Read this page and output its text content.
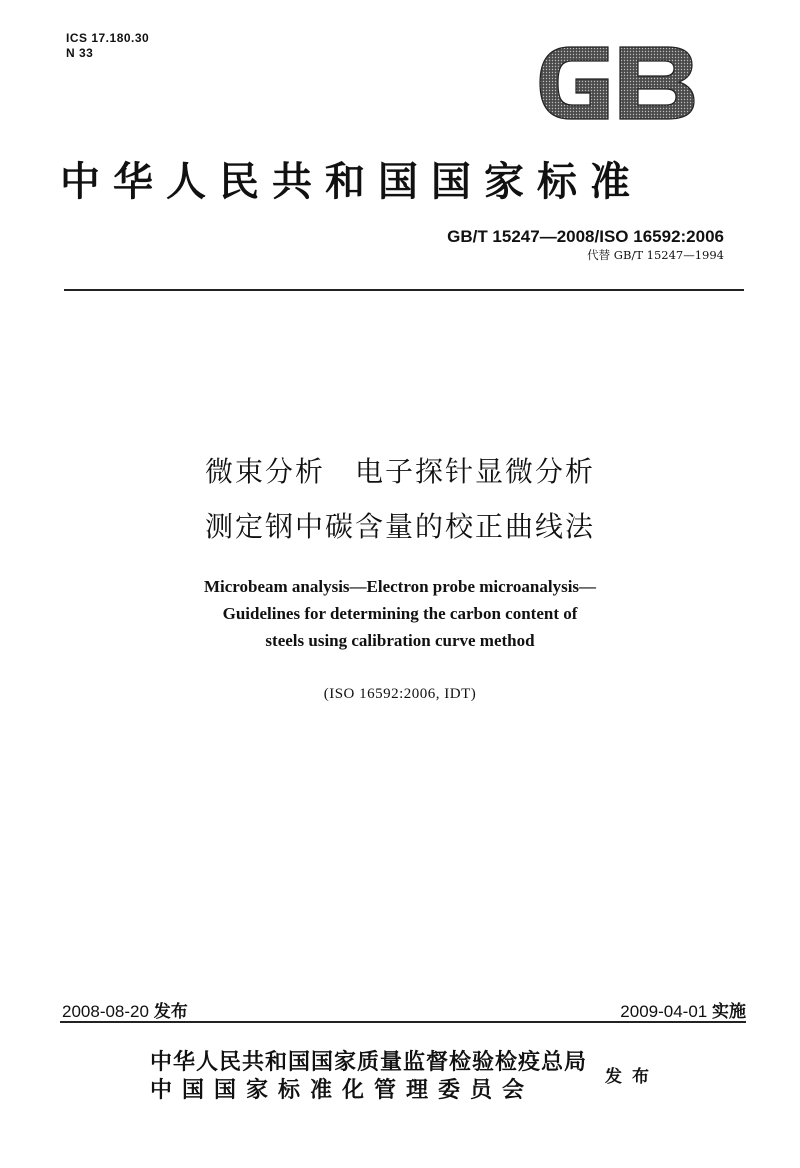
ICS 17.180.30
N 33
中华人民共和国国家标准
GB/T 15247—2008/ISO 16592:2006
代替 GB/T 15247—1994
微束分析　电子探针显微分析
测定钢中碳含量的校正曲线法
Microbeam analysis—Electron probe microanalysis—
Guidelines for determining the carbon content of
steels using calibration curve method
(ISO 16592:2006, IDT)
2008-08-20 发布	2009-04-01 实施
中华人民共和国国家质量监督检验检疫总局
中国国家标准化管理委员会
发布
